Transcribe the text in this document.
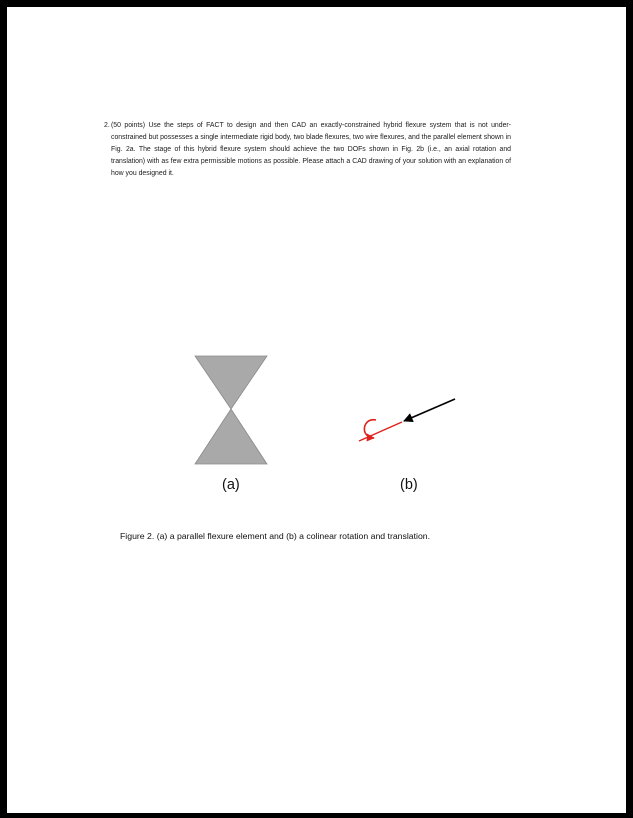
2. (50 points) Use the steps of FACT to design and then CAD an exactly-constrained hybrid flexure system that is not under-constrained but possesses a single intermediate rigid body, two blade flexures, two wire flexures, and the parallel element shown in Fig. 2a. The stage of this hybrid flexure system should achieve the two DOFs shown in Fig. 2b (i.e., an axial rotation and translation) with as few extra permissible motions as possible. Please attach a CAD drawing of your solution with an explanation of how you designed it.

(a)	(b)
Figure 2. (a) a parallel flexure element and (b) a colinear rotation and translation.
